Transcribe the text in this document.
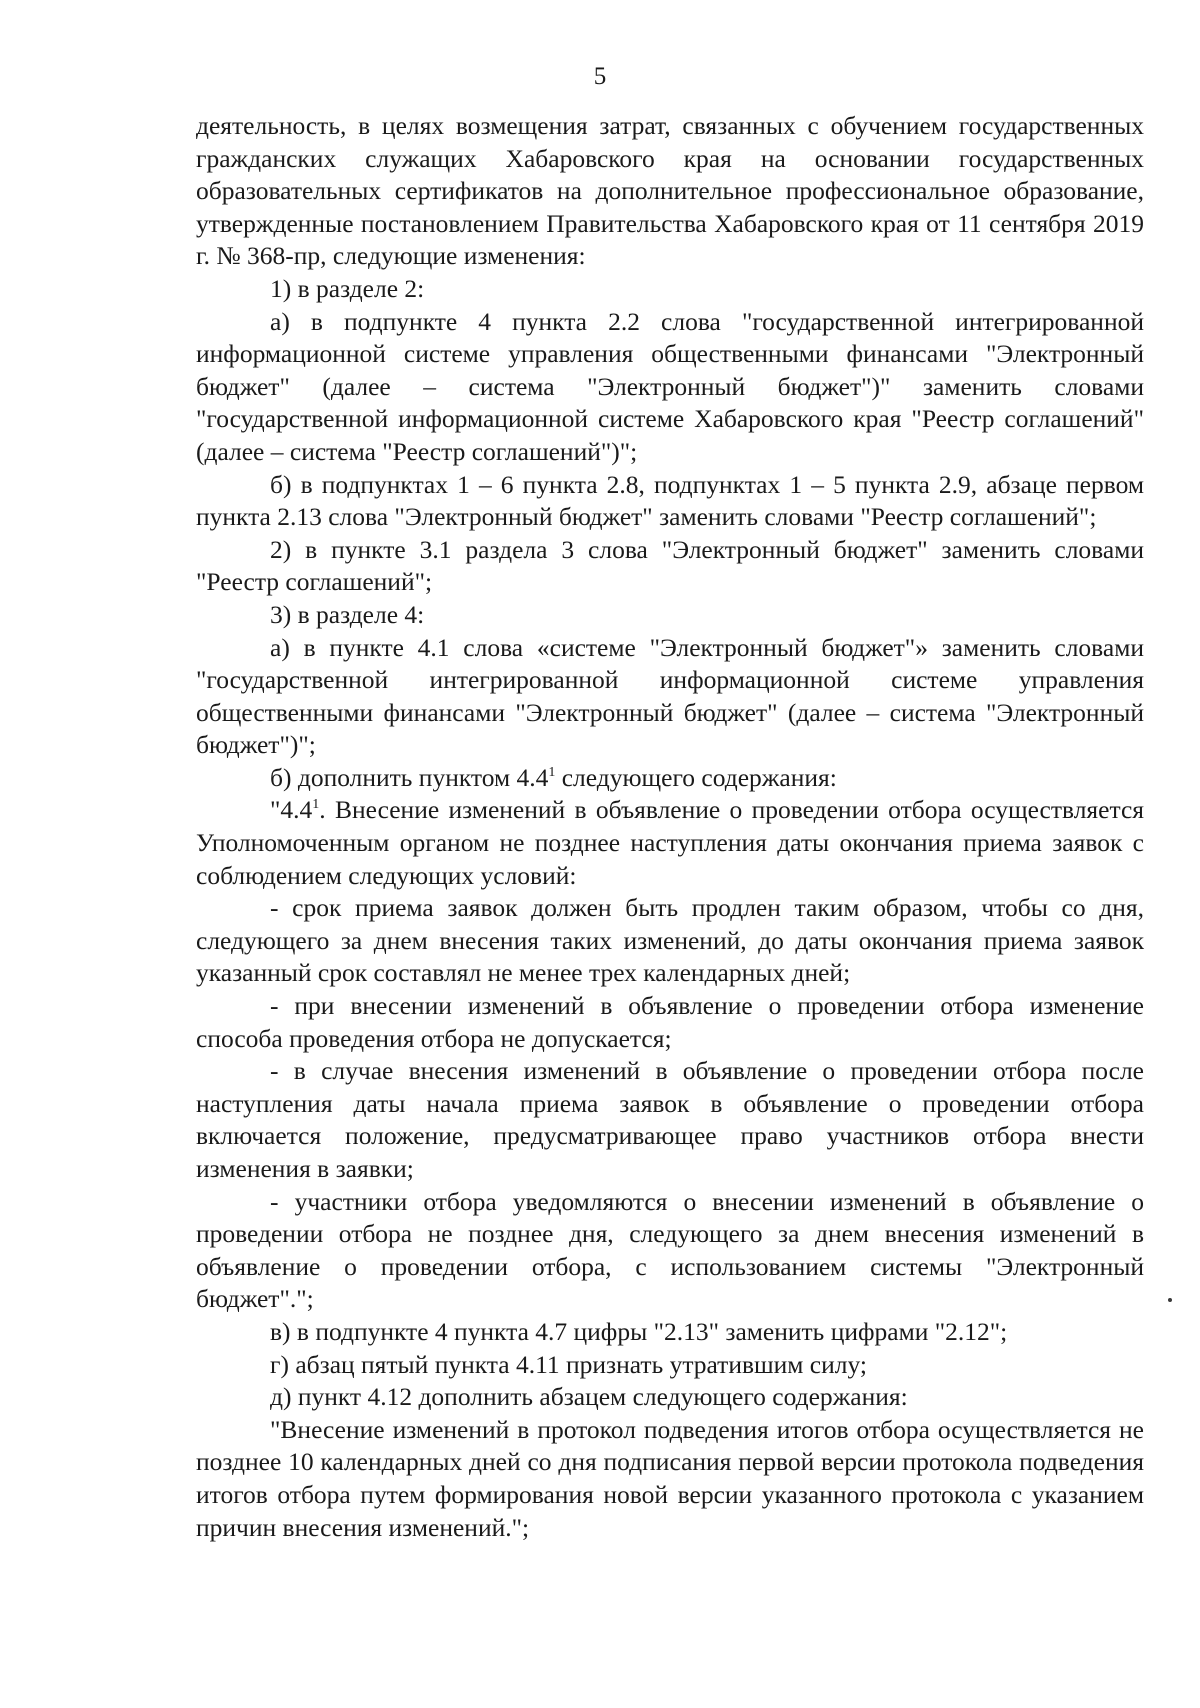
5

деятельность, в целях возмещения затрат, связанных с обучением государственных гражданских служащих Хабаровского края на основании государственных образовательных сертификатов на дополнительное профессиональное образование, утвержденные постановлением Правительства Хабаровского края от 11 сентября 2019 г. № 368-пр, следующие изменения:

1) в разделе 2:

а) в подпункте 4 пункта 2.2 слова "государственной интегрированной информационной системе управления общественными финансами "Электронный бюджет" (далее – система "Электронный бюджет")" заменить словами "государственной информационной системе Хабаровского края "Реестр соглашений" (далее – система "Реестр соглашений")";

б) в подпунктах 1 – 6 пункта 2.8, подпунктах 1 – 5 пункта 2.9, абзаце первом пункта 2.13 слова "Электронный бюджет" заменить словами "Реестр соглашений";

2) в пункте 3.1 раздела 3 слова "Электронный бюджет" заменить словами "Реестр соглашений";

3) в разделе 4:

а) в пункте 4.1 слова «системе "Электронный бюджет"» заменить словами "государственной интегрированной информационной системе управления общественными финансами "Электронный бюджет" (далее – система "Электронный бюджет")";

б) дополнить пунктом $4.4^1$ следующего содержания:

"$4.4^1$. Внесение изменений в объявление о проведении отбора осуществляется Уполномоченным органом не позднее наступления даты окончания приема заявок с соблюдением следующих условий:

- срок приема заявок должен быть продлен таким образом, чтобы со дня, следующего за днем внесения таких изменений, до даты окончания приема заявок указанный срок составлял не менее трех календарных дней;

- при внесении изменений в объявление о проведении отбора изменение способа проведения отбора не допускается;

- в случае внесения изменений в объявление о проведении отбора после наступления даты начала приема заявок в объявление о проведении отбора включается положение, предусматривающее право участников отбора внести изменения в заявки;

- участники отбора уведомляются о внесении изменений в объявление о проведении отбора не позднее дня, следующего за днем внесения изменений в объявление о проведении отбора, с использованием системы "Электронный бюджет".";

в) в подпункте 4 пункта 4.7 цифры "2.13" заменить цифрами "2.12";

г) абзац пятый пункта 4.11 признать утратившим силу;

д) пункт 4.12 дополнить абзацем следующего содержания:

"Внесение изменений в протокол подведения итогов отбора осуществляется не позднее 10 календарных дней со дня подписания первой версии протокола подведения итогов отбора путем формирования новой версии указанного протокола с указанием причин внесения изменений.";
